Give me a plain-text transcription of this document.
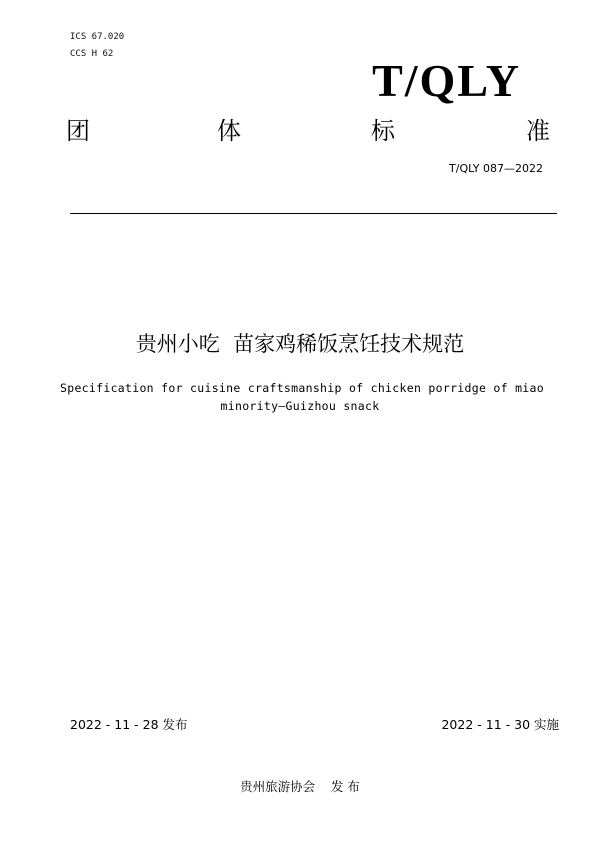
ICS 67.020
CCS H 62
T/QLY
团	体	标	准
T/QLY 087—2022
贵州小吃  苗家鸡稀饭烹饪技术规范
Specification for cuisine craftsmanship of chicken porridge of miao
minority—Guizhou snack
2022 - 11 - 28 发布	2022 - 11 - 30 实施
贵州旅游协会    发 布
